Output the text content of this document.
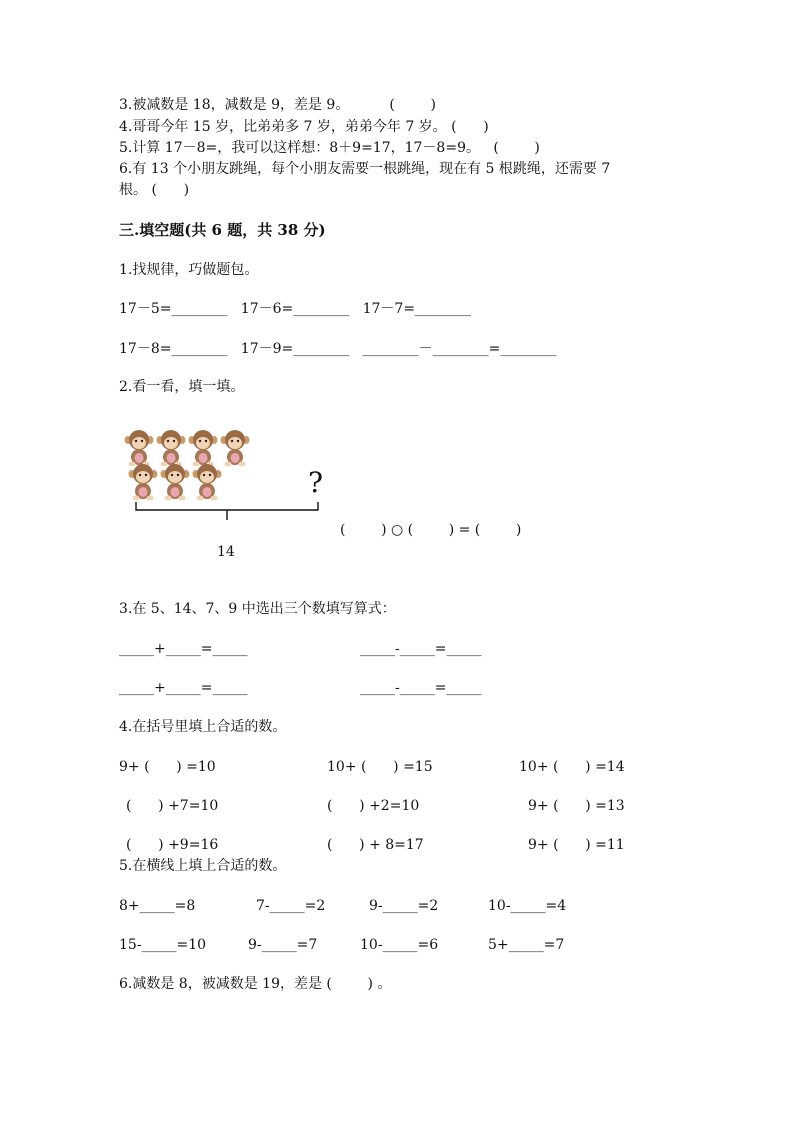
3.被减数是 18，减数是 9，差是 9。         (        )
4.哥哥今年 15 岁，比弟弟多 7 岁，弟弟今年 7 岁。 (      )
5.计算 17－8=，我可以这样想：8＋9=17，17－8=9。   (        )
6.有 13 个小朋友跳绳，每个小朋友需要一根跳绳，现在有 5 根跳绳，还需要 7
根。 (      )
三.填空题(共 6 题，共 38 分)
1.找规律，巧做题包。
17－5=________   17－6=________   17－7=________
17－8=________   17－9=________   ________－________=________
2.看一看，填一填。
?
14
(        ) ○ (        ) = (        )
3.在 5、14、7、9 中选出三个数填写算式：
_____+_____=_____	_____-_____=_____
_____+_____=_____	_____-_____=_____
4.在括号里填上合适的数。
9+ (      ) =10	10+ (      ) =15	10+ (      ) =14
(      ) +7=10	(      ) +2=10	9+ (      ) =13
(      ) +9=16	(      ) + 8=17	9+ (      ) =11
5.在横线上填上合适的数。
8+_____=8	7-_____=2	9-_____=2	10-_____=4
15-_____=10	9-_____=7	10-_____=6	5+_____=7
6.减数是 8，被减数是 19，差是 (        ) 。
